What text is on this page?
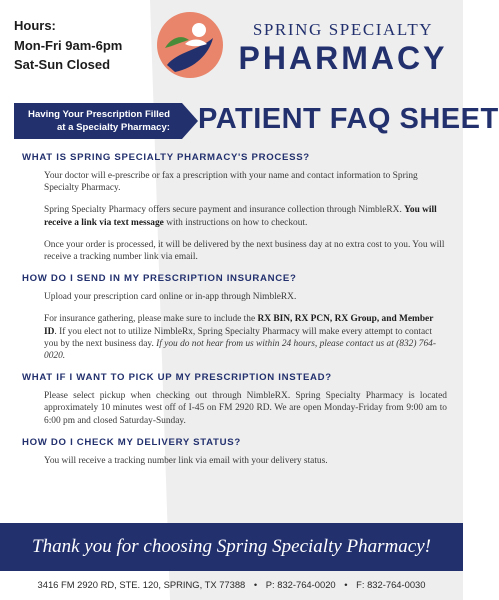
Hours:
Mon-Fri 9am-6pm
Sat-Sun Closed
SPRING SPECIALTY
PHARMACY
Having Your Prescription Filled
at a Specialty Pharmacy: PATIENT FAQ SHEET
WHAT IS SPRING SPECIALTY PHARMACY'S PROCESS?
Your doctor will e-prescribe or fax a prescription with your name and contact information to Spring Specialty Pharmacy.
Spring Specialty Pharmacy offers secure payment and insurance collection through NimbleRX. You will receive a link via text message with instructions on how to checkout.
Once your order is processed, it will be delivered by the next business day at no extra cost to you. You will receive a tracking number link via email.
HOW DO I SEND IN MY PRESCRIPTION INSURANCE?
Upload your prescription card online or in-app through NimbleRX.
For insurance gathering, please make sure to include the RX BIN, RX PCN, RX Group, and Member ID. If you elect not to utilize NimbleRx, Spring Specialty Pharmacy will make every attempt to contact you by the next business day. If you do not hear from us within 24 hours, please contact us at (832) 764-0020.
WHAT IF I WANT TO PICK UP MY PRESCRIPTION INSTEAD?
Please select pickup when checking out through NimbleRX. Spring Specialty Pharmacy is located approximately 10 minutes west off of I-45 on FM 2920 RD. We are open Monday-Friday from 9:00 am to 6:00 pm and closed Saturday-Sunday.
HOW DO I CHECK MY DELIVERY STATUS?
You will receive a tracking number link via email with your delivery status.
Thank you for choosing Spring Specialty Pharmacy!
3416 FM 2920 RD, STE. 120, SPRING, TX 77388 • P: 832-764-0020 • F: 832-764-0030
